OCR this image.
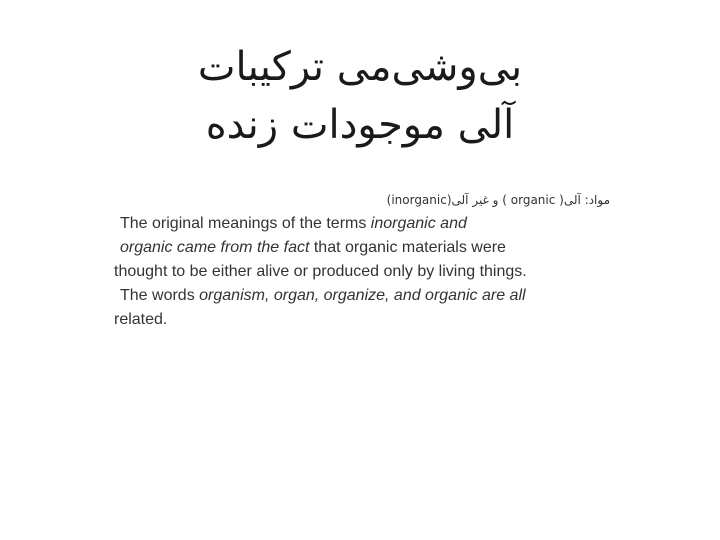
بی‌وشی‌می ترکیبات
آلی موجودات زنده
مواد: آلی( organic ) و غیر آلی(inorganic)

The original meanings of the terms inorganic and
organic came from the fact that organic materials were
thought to be either alive or produced only by living things.

The words organism, organ, organize, and organic are all
related.
